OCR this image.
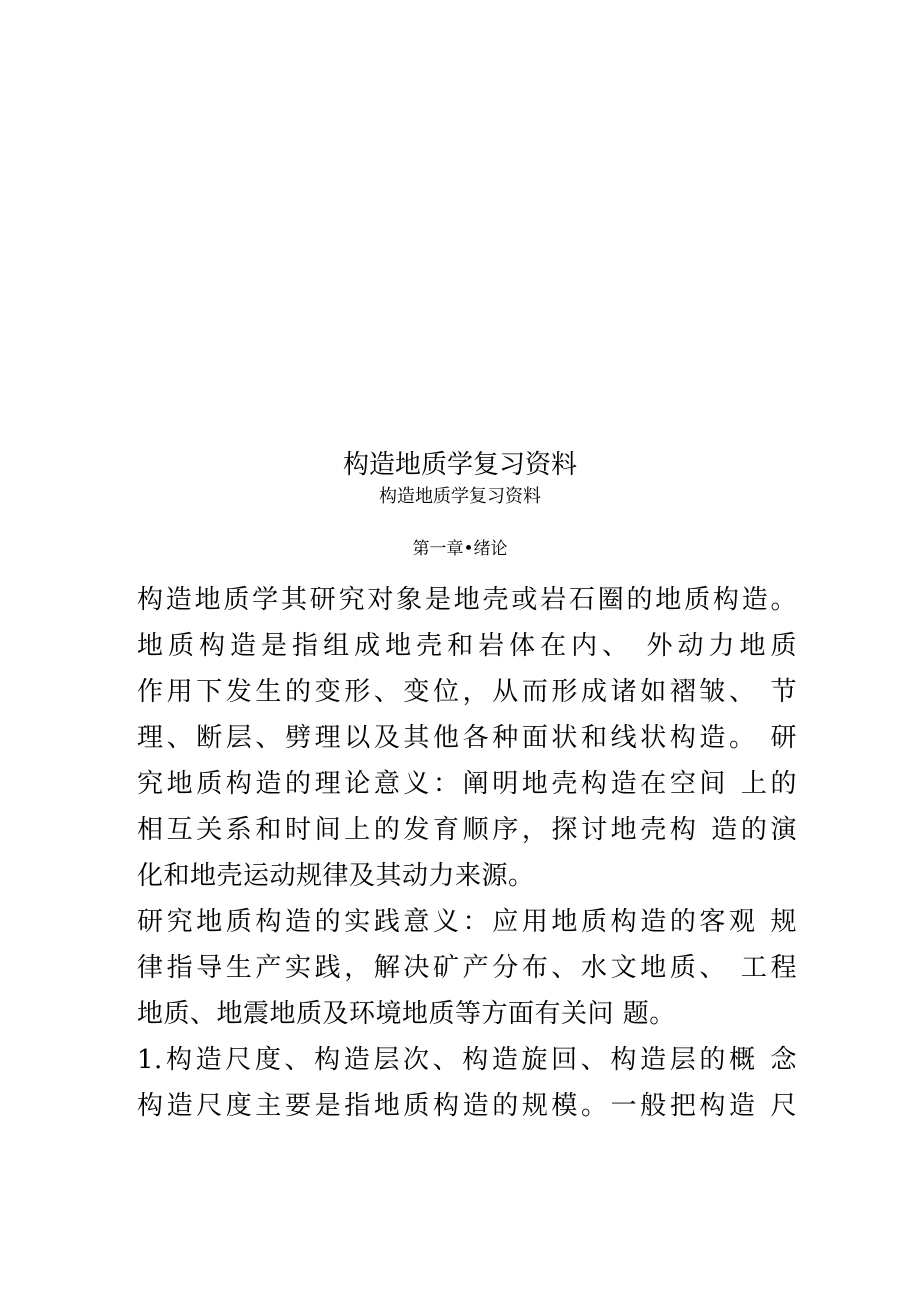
构造地质学复习资料
构造地质学复习资料
第一章•绪论
构造地质学其研究对象是地壳或岩石圈的地质构造。
地质构造是指组成地壳和岩体在内、 外动力地质
作用下发生的变形、变位，从而形成诸如褶皱、 节
理、断层、劈理以及其他各种面状和线状构造。 研
究地质构造的理论意义：阐明地壳构造在空间 上的
相互关系和时间上的发育顺序，探讨地壳构 造的演
化和地壳运动规律及其动力来源。
研究地质构造的实践意义：应用地质构造的客观 规
律指导生产实践，解决矿产分布、水文地质、 工程
地质、地震地质及环境地质等方面有关问 题。
1.构造尺度、构造层次、构造旋回、构造层的概 念
构造尺度主要是指地质构造的规模。一般把构造 尺
